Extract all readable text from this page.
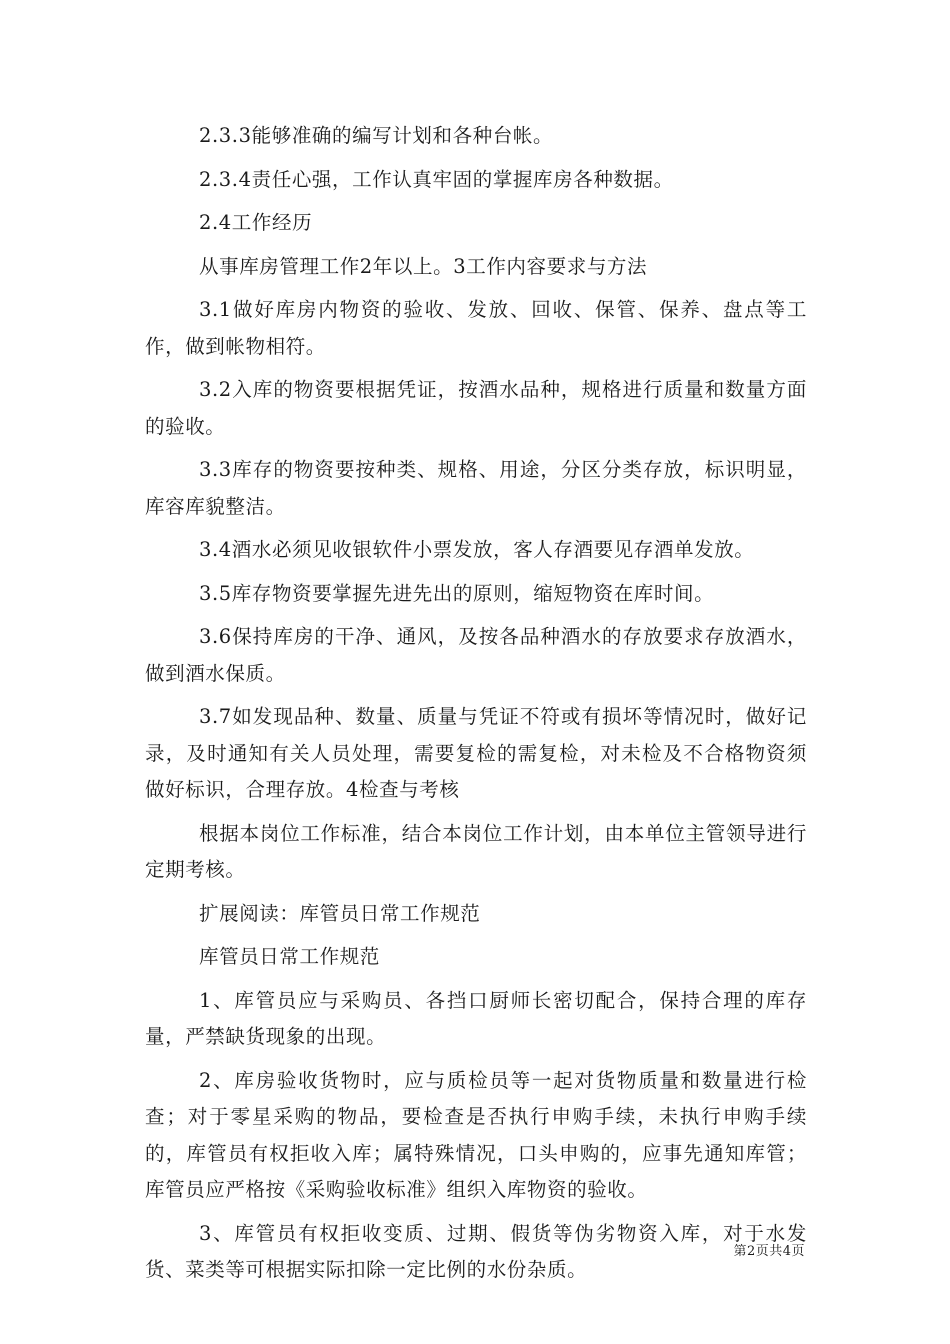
2.3.3能够准确的编写计划和各种台帐。

2.3.4责任心强，工作认真牢固的掌握库房各种数据。

2.4工作经历

从事库房管理工作2年以上。3工作内容要求与方法

3.1做好库房内物资的验收、发放、回收、保管、保养、盘点等工作，做到帐物相符。

3.2入库的物资要根据凭证，按酒水品种，规格进行质量和数量方面的验收。

3.3库存的物资要按种类、规格、用途，分区分类存放，标识明显，库容库貌整洁。

3.4酒水必须见收银软件小票发放，客人存酒要见存酒单发放。

3.5库存物资要掌握先进先出的原则，缩短物资在库时间。

3.6保持库房的干净、通风，及按各品种酒水的存放要求存放酒水，做到酒水保质。

3.7如发现品种、数量、质量与凭证不符或有损坏等情况时，做好记录，及时通知有关人员处理，需要复检的需复检，对未检及不合格物资须做好标识，合理存放。4检查与考核

根据本岗位工作标准，结合本岗位工作计划，由本单位主管领导进行定期考核。

扩展阅读：库管员日常工作规范

库管员日常工作规范

1、库管员应与采购员、各挡口厨师长密切配合，保持合理的库存量，严禁缺货现象的出现。

2、库房验收货物时，应与质检员等一起对货物质量和数量进行检查；对于零星采购的物品，要检查是否执行申购手续，未执行申购手续的，库管员有权拒收入库；属特殊情况，口头申购的，应事先通知库管；库管员应严格按《采购验收标准》组织入库物资的验收。

3、库管员有权拒收变质、过期、假货等伪劣物资入库，对于水发货、菜类等可根据实际扣除一定比例的水份杂质。

第2页共4页
